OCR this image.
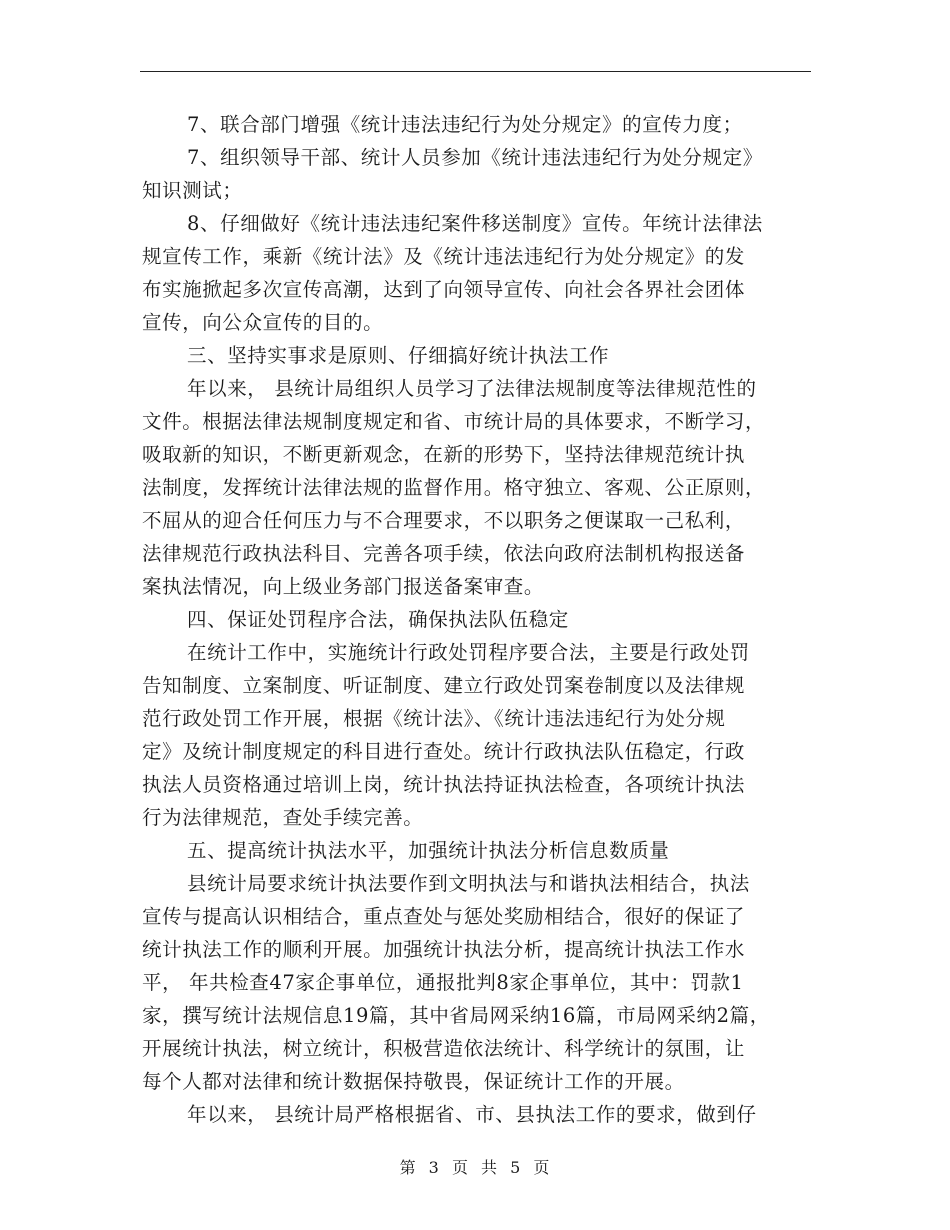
7、联合部门增强《统计违法违纪行为处分规定》的宣传力度；
7、组织领导干部、统计人员参加《统计违法违纪行为处分规定》
知识测试；
8、仔细做好《统计违法违纪案件移送制度》宣传。年统计法律法
规宣传工作，乘新《统计法》及《统计违法违纪行为处分规定》的发
布实施掀起多次宣传高潮，达到了向领导宣传、向社会各界社会团体
宣传，向公众宣传的目的。
三、坚持实事求是原则、仔细搞好统计执法工作
年以来， 县统计局组织人员学习了法律法规制度等法律规范性的
文件。根据法律法规制度规定和省、市统计局的具体要求，不断学习，
吸取新的知识，不断更新观念，在新的形势下，坚持法律规范统计执
法制度，发挥统计法律法规的监督作用。格守独立、客观、公正原则，
不屈从的迎合任何压力与不合理要求，不以职务之便谋取一己私利，
法律规范行政执法科目、完善各项手续，依法向政府法制机构报送备
案执法情况，向上级业务部门报送备案审查。
四、保证处罚程序合法，确保执法队伍稳定
在统计工作中，实施统计行政处罚程序要合法，主要是行政处罚
告知制度、立案制度、听证制度、建立行政处罚案卷制度以及法律规
范行政处罚工作开展，根据《统计法》、《统计违法违纪行为处分规
定》及统计制度规定的科目进行查处。统计行政执法队伍稳定，行政
执法人员资格通过培训上岗，统计执法持证执法检查，各项统计执法
行为法律规范，查处手续完善。
五、提高统计执法水平，加强统计执法分析信息数质量
县统计局要求统计执法要作到文明执法与和谐执法相结合，执法
宣传与提高认识相结合，重点查处与惩处奖励相结合，很好的保证了
统计执法工作的顺利开展。加强统计执法分析，提高统计执法工作水
平， 年共检查47家企事单位，通报批判8家企事单位，其中：罚款1
家，撰写统计法规信息19篇，其中省局网采纳16篇，市局网采纳2篇，
开展统计执法，树立统计，积极营造依法统计、科学统计的氛围，让
每个人都对法律和统计数据保持敬畏，保证统计工作的开展。
年以来， 县统计局严格根据省、市、县执法工作的要求，做到仔
第 3 页 共 5 页
